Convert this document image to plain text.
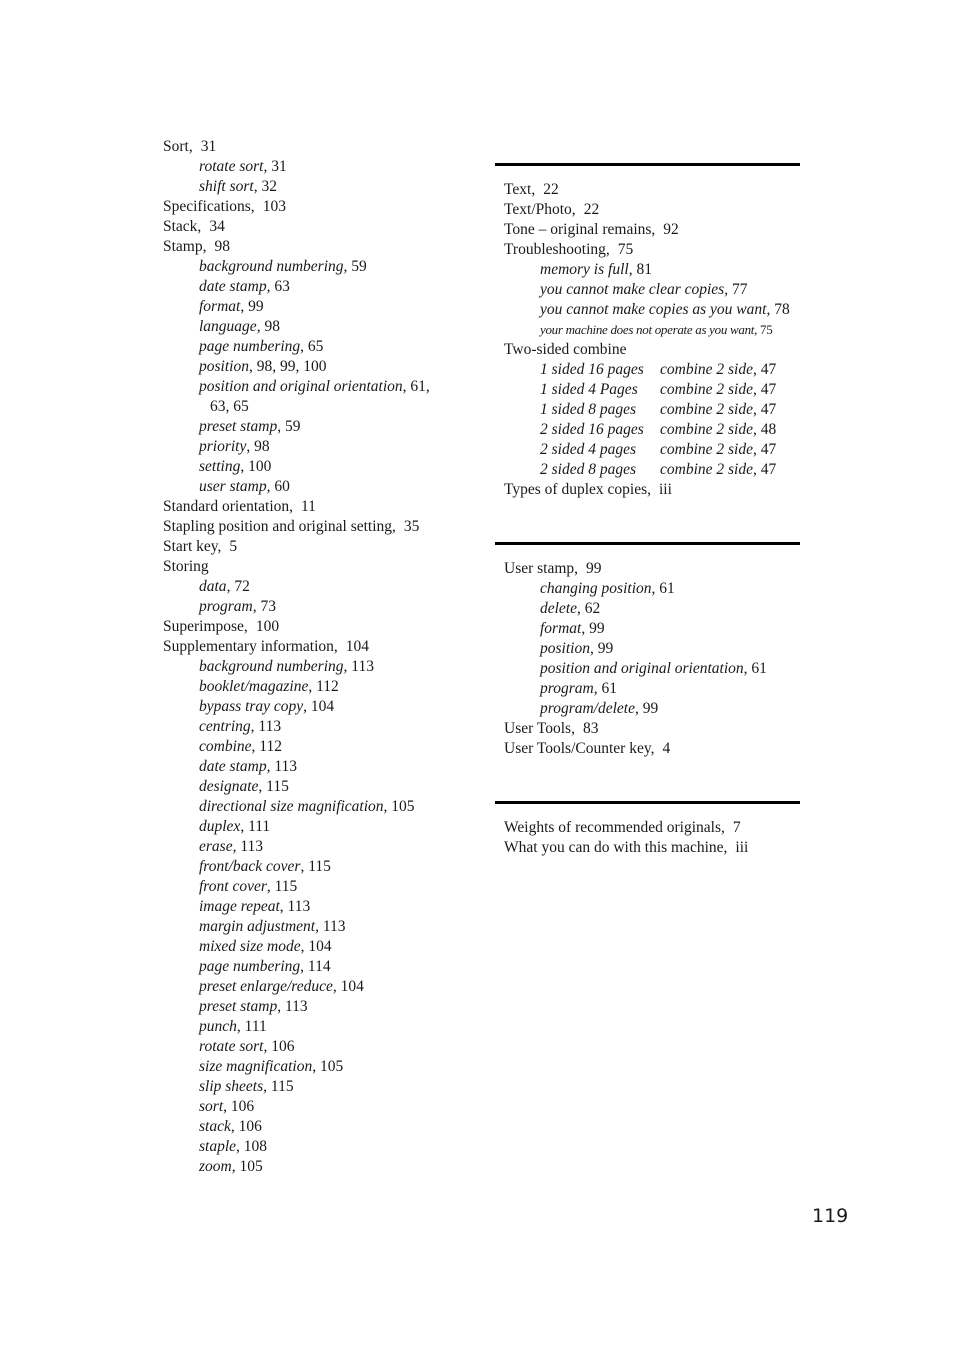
Sort, 31
rotate sort, 31
shift sort, 32
Specifications, 103
Stack, 34
Stamp, 98
background numbering, 59
date stamp, 63
format, 99
language, 98
page numbering, 65
position, 98, 99, 100
position and original orientation, 61,
63, 65
preset stamp, 59
priority, 98
setting, 100
user stamp, 60
Standard orientation, 11
Stapling position and original setting, 35
Start key, 5
Storing
data, 72
program, 73
Superimpose, 100
Supplementary information, 104
background numbering, 113
booklet/magazine, 112
bypass tray copy, 104
centring, 113
combine, 112
date stamp, 113
designate, 115
directional size magnification, 105
duplex, 111
erase, 113
front/back cover, 115
front cover, 115
image repeat, 113
margin adjustment, 113
mixed size mode, 104
page numbering, 114
preset enlarge/reduce, 104
preset stamp, 113
punch, 111
rotate sort, 106
size magnification, 105
slip sheets, 115
sort, 106
stack, 106
staple, 108
zoom, 105
Text, 22
Text/Photo, 22
Tone – original remains, 92
Troubleshooting, 75
memory is full, 81
you cannot make clear copies, 77
you cannot make copies as you want, 78
your machine does not operate as you want, 75
Two-sided combine
1 sided 16 pages combine 2 side, 47
1 sided 4 Pages combine 2 side, 47
1 sided 8 pages combine 2 side, 47
2 sided 16 pages combine 2 side, 48
2 sided 4 pages combine 2 side, 47
2 sided 8 pages combine 2 side, 47
Types of duplex copies, iii
User stamp, 99
changing position, 61
delete, 62
format, 99
position, 99
position and original orientation, 61
program, 61
program/delete, 99
User Tools, 83
User Tools/Counter key, 4
Weights of recommended originals, 7
What you can do with this machine, iii
119
